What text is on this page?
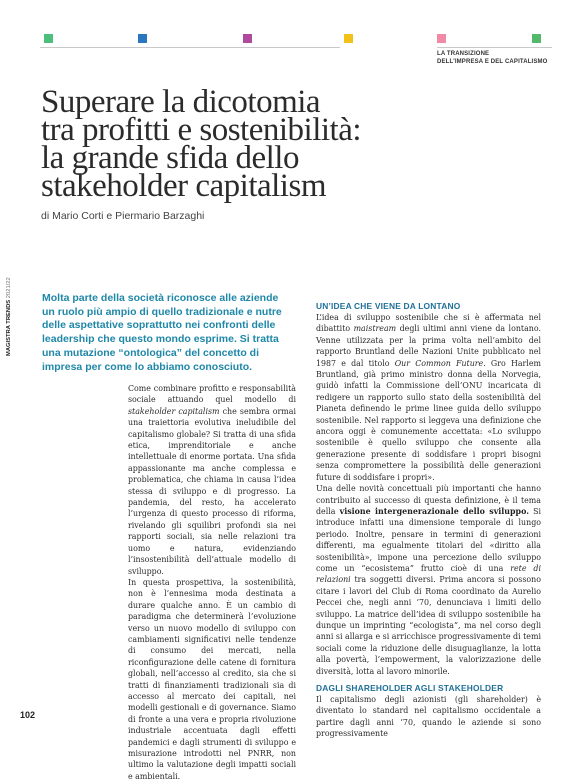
LA TRANSIZIONE
DELL'IMPRESA E DEL CAPITALISMO
Superare la dicotomia
tra profitti e sostenibilità:
la grande sfida dello
stakeholder capitalism
di Mario Corti e Piermario Barzaghi

Molta parte della società riconosce alle aziende un ruolo più ampio di quello tradizionale e nutre delle aspettative soprattutto nei confronti delle leadership che questo mondo esprime. Si tratta una mutazione “ontologica” del concetto di impresa per come lo abbiamo conosciuto.

MAGISTRA TRENDS 2021/22

Come combinare profitto e responsabilità sociale attuando quel modello di stakeholder capitalism che sembra ormai una traiettoria evolutiva ineludibile del capitalismo globale? Si tratta di una sfida etica, imprenditoriale e anche intellettuale di enorme portata. Una sfida appassionante ma anche complessa e problematica, che chiama in causa l’idea stessa di sviluppo e di progresso. La pandemia, del resto, ha accelerato l’urgenza di questo processo di riforma, rivelando gli squilibri profondi sia nei rapporti sociali, sia nelle relazioni tra uomo e natura, evidenziando l’insostenibilità dell’attuale modello di sviluppo.

In questa prospettiva, la sostenibilità, non è l’ennesima moda destinata a durare qualche anno. È un cambio di paradigma che determinerà l’evoluzione verso un nuovo modello di sviluppo con cambiamenti significativi nelle tendenze di consumo dei mercati, nella riconfigurazione delle catene di fornitura globali, nell’accesso al credito, sia che si tratti di finanziamenti tradizionali sia di accesso al mercato dei capitali, nei modelli gestionali e di governance. Siamo di fronte a una vera e propria rivoluzione industriale accentuata dagli effetti pandemici e dagli strumenti di sviluppo e misurazione introdotti nel PNRR, non ultimo la valutazione degli impatti sociali e ambientali.

UN’IDEA CHE VIENE DA LONTANO

L’idea di sviluppo sostenibile che si è affermata nel dibattito maistream degli ultimi anni viene da lontano. Venne utilizzata per la prima volta nell’ambito del rapporto Bruntland delle Nazioni Unite pubblicato nel 1987 e dal titolo Our Common Future. Gro Harlem Bruntland, già primo ministro donna della Norvegia, guidò infatti la Commissione dell’ONU incaricata di redigere un rapporto sullo stato della sostenibilità del Pianeta definendo le prime linee guida dello sviluppo sostenibile. Nel rapporto si leggeva una definizione che ancora oggi è comunemente accettata: «Lo sviluppo sostenibile è quello sviluppo che consente alla generazione presente di soddisfare i propri bisogni senza compromettere la possibilità delle generazioni future di soddisfare i propri».

Una delle novità concettuali più importanti che hanno contribuito al successo di questa definizione, è il tema della visione intergenerazionale dello sviluppo. Si introduce infatti una dimensione temporale di lungo periodo. Inoltre, pensare in termini di generazioni differenti, ma egualmente titolari del «diritto alla sostenibilità», impone una percezione dello sviluppo come un “ecosistema” frutto cioè di una rete di relazioni tra soggetti diversi. Prima ancora si possono citare i lavori del Club di Roma coordinato da Aurelio Peccei che, negli anni ’70, denunciava i limiti dello sviluppo. La matrice dell’idea di sviluppo sostenibile ha dunque un imprinting “ecologista”, ma nel corso degli anni si allarga e si arricchisce progressivamente di temi sociali come la riduzione delle disuguaglianze, la lotta alla povertà, l’empowerment, la valorizzazione delle diversità, lotta al lavoro minorile.

DAGLI SHAREHOLDER AGLI STAKEHOLDER

Il capitalismo degli azionisti (gli shareholder) è diventato lo standard nel capitalismo occidentale a partire dagli anni ’70, quando le aziende si sono progressivamente

102
